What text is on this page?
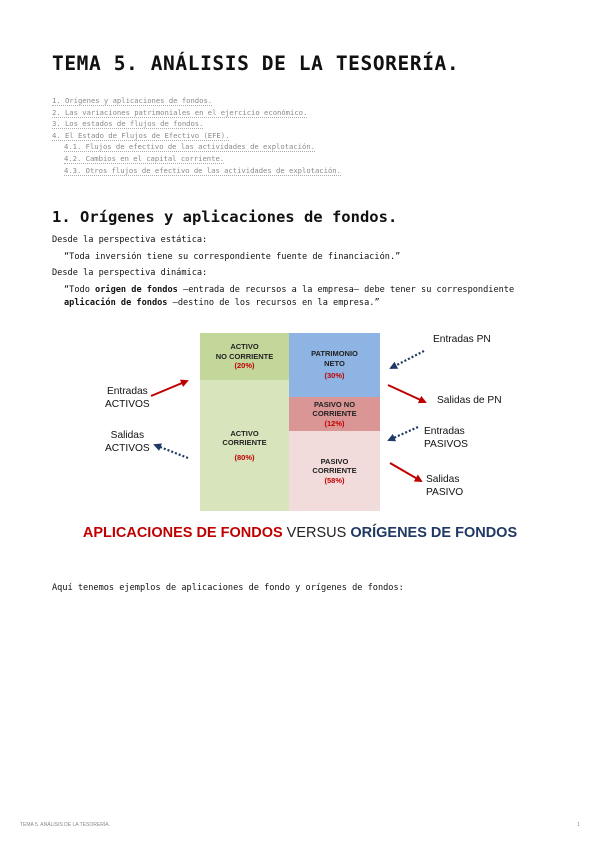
TEMA 5. ANÁLISIS DE LA TESORERÍA.
1. Orígenes y aplicaciones de fondos.
2. Las variaciones patrimoniales en el ejercicio económico.
3. Los estados de flujos de fondos.
4. El Estado de Flujos de Efectivo (EFE).
4.1. Flujos de efectivo de las actividades de explotación.
4.2. Cambios en el capital corriente.
4.3. Otros flujos de efectivo de las actividades de explotación.
1. Orígenes y aplicaciones de fondos.
Desde la perspectiva estática:
“Toda inversión tiene su correspondiente fuente de financiación.”
Desde la perspectiva dinámica:
“Todo origen de fondos —entrada de recursos a la empresa— debe tener su correspondiente aplicación de fondos —destino de los recursos en la empresa.”
ACTIVO
NO CORRIENTE
(20%)
ACTIVO
CORRIENTE
(80%)
PATRIMONIO
NETO
(30%)
PASIVO NO
CORRIENTE
(12%)
PASIVO
CORRIENTE
(58%)
Entradas
ACTIVOS
Salidas
ACTIVOS
Entradas PN
Salidas de PN
Entradas
PASIVOS
Salidas
PASIVO
APLICACIONES DE FONDOS VERSUS ORÍGENES DE FONDOS
Aquí tenemos ejemplos de aplicaciones de fondo y orígenes de fondos:
TEMA 5. ANÁLISIS DE LA TESORERÍA.	1
